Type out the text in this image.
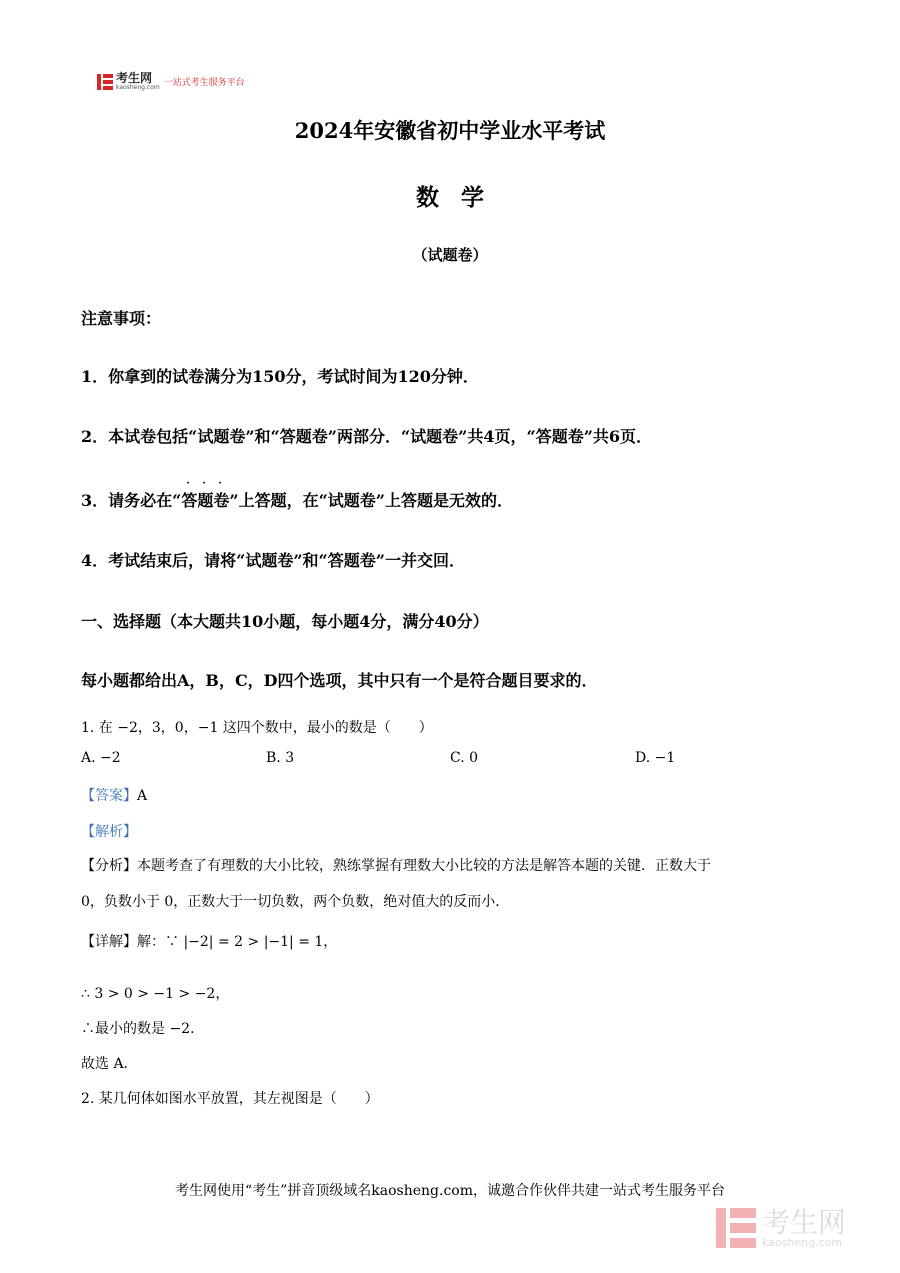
考生网
kaosheng.com 一站式考生服务平台
2024年安徽省初中学业水平考试
数学
（试题卷）
注意事项：
1．你拿到的试卷满分为150分，考试时间为120分钟．
2．本试卷包括“试题卷”和“答题卷”两部分．“试题卷”共4页，“答题卷”共6页．
3．请务必在“
· · ·
答题卷”上答题，在“试题卷”上答题是无效的．
4．考试结束后，请将“试题卷”和“答题卷”一并交回．
一、选择题（本大题共10小题，每小题4分，满分40分）
每小题都给出A，B，C，D四个选项，其中只有一个是符合题目要求的．
1. 在 −2，3，0，−1 这四个数中，最小的数是（　　）
A. −2	B. 3	C. 0	D. −1
【答案】A
【解析】
【分析】本题考查了有理数的大小比较，熟练掌握有理数大小比较的方法是解答本题的关键．正数大于
0，负数小于 0，正数大于一切负数，两个负数，绝对值大的反而小．
【详解】解：∵ |−2| = 2 > |−1| = 1，
∴ 3 > 0 > −1 > −2，
∴最小的数是 −2．
故选 A．
2. 某几何体如图水平放置，其左视图是（　　）
考生网使用“考生”拼音顶级域名kaosheng.com，诚邀合作伙伴共建一站式考生服务平台
考生网
kaosheng.com
